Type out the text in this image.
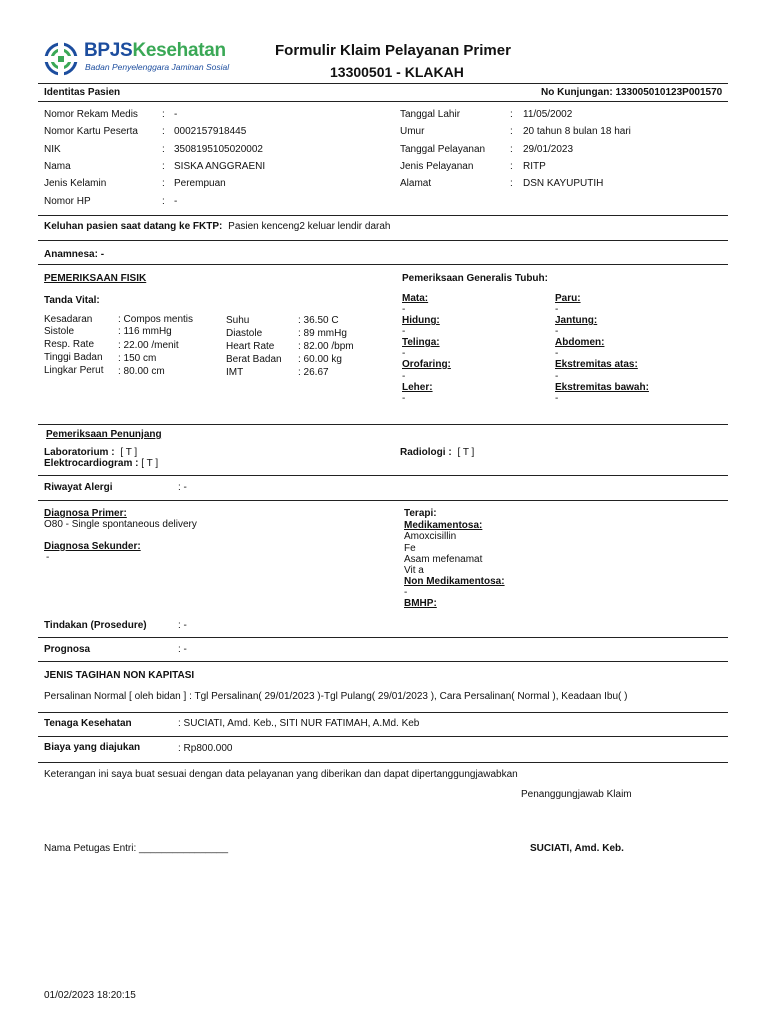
BPJSKesehatan
Badan Penyelenggara Jaminan Sosial
Formulir Klaim Pelayanan Primer
13300501 - KLAKAH
Identitas Pasien	No Kunjungan: 133005010123P001570
Nomor Rekam Medis : -
Nomor Kartu Peserta : 0002157918445
NIK	: 3508195105020002
Nama	: SISKA ANGGRAENI
Jenis Kelamin	: Perempuan
Nomor HP	: -
Tanggal Lahir	: 11/05/2002
Umur	: 20 tahun 8 bulan 18 hari
Tanggal Pelayanan : 29/01/2023
Jenis Pelayanan	: RITP
Alamat	: DSN KAYUPUTIH
Keluhan pasien saat datang ke FKTP: Pasien kenceng2 keluar lendir darah
Anamnesa: -
PEMERIKSAAN FISIK
Tanda Vital:
Kesadaran	: Compos mentis
Sistole	: 116 mmHg
Resp. Rate : 22.00 /menit
Tinggi Badan : 150 cm
Lingkar Perut : 80.00 cm
Suhu	: 36.50 C
Diastole	: 89 mmHg
Heart Rate : 82.00 /bpm
Berat Badan : 60.00 kg
IMT	: 26.67
Pemeriksaan Generalis Tubuh:
Mata:
-
Hidung:
-
Telinga:
-
Orofaring:
-
Leher:
-
Paru:
-
Jantung:
-
Abdomen:
-
Ekstremitas atas:
-
Ekstremitas bawah:
-
Pemeriksaan Penunjang
Laboratorium : [ T ]
Elektrocardiogram : [ T ]
Radiologi : [ T ]
Riwayat Alergi	: -
Diagnosa Primer:
O80 - Single spontaneous delivery
Diagnosa Sekunder:
-
Terapi:
Medikamentosa:
Amoxcisillin
Fe
Asam mefenamat
Vit a
Non Medikamentosa:
-
BMHP:
Tindakan (Prosedure)	: -
Prognosa	: -
JENIS TAGIHAN NON KAPITASI
Persalinan Normal [ oleh bidan ] : Tgl Persalinan( 29/01/2023 )-Tgl Pulang( 29/01/2023 ), Cara Persalinan( Normal ), Keadaan Ibu( )
Tenaga Kesehatan	: SUCIATI, Amd. Keb., SITI NUR FATIMAH, A.Md. Keb
Biaya yang diajukan	: Rp800.000
Keterangan ini saya buat sesuai dengan data pelayanan yang diberikan dan dapat dipertanggungjawabkan
Penanggungjawab Klaim
Nama Petugas Entri: ________________	SUCIATI, Amd. Keb.
01/02/2023 18:20:15
